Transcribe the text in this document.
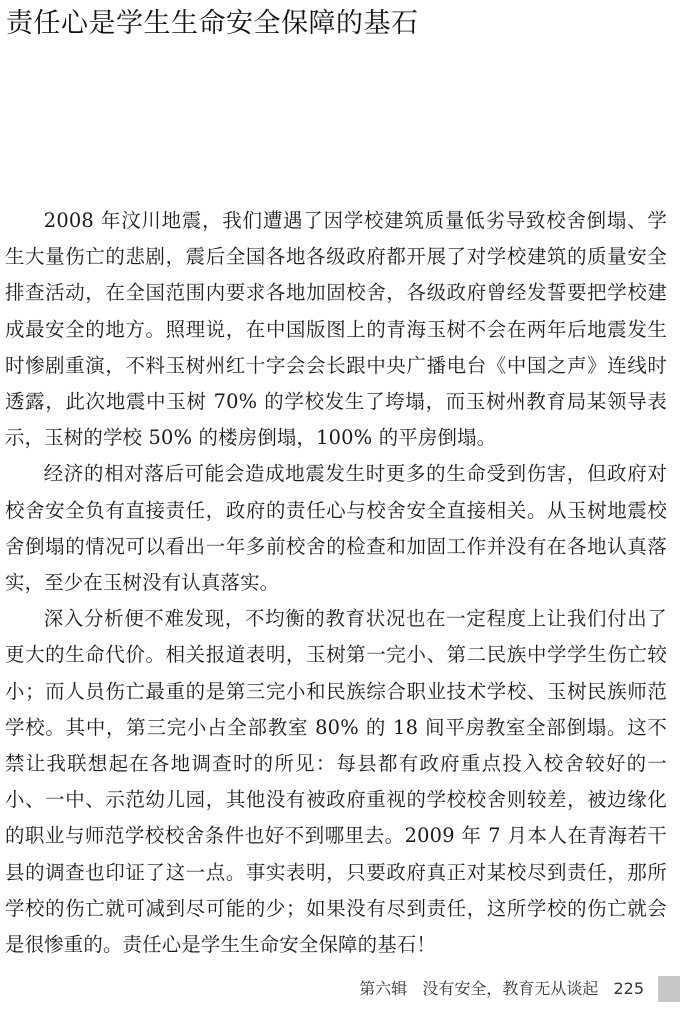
责任心是学生生命安全保障的基石

2008 年汶川地震，我们遭遇了因学校建筑质量低劣导致校舍倒塌、学生大量伤亡的悲剧，震后全国各地各级政府都开展了对学校建筑的质量安全排查活动，在全国范围内要求各地加固校舍，各级政府曾经发誓要把学校建成最安全的地方。照理说，在中国版图上的青海玉树不会在两年后地震发生时惨剧重演，不料玉树州红十字会会长跟中央广播电台《中国之声》连线时透露，此次地震中玉树 70% 的学校发生了垮塌，而玉树州教育局某领导表示，玉树的学校 50% 的楼房倒塌，100% 的平房倒塌。

经济的相对落后可能会造成地震发生时更多的生命受到伤害，但政府对校舍安全负有直接责任，政府的责任心与校舍安全直接相关。从玉树地震校舍倒塌的情况可以看出一年多前校舍的检查和加固工作并没有在各地认真落实，至少在玉树没有认真落实。

深入分析便不难发现，不均衡的教育状况也在一定程度上让我们付出了更大的生命代价。相关报道表明，玉树第一完小、第二民族中学学生伤亡较小；而人员伤亡最重的是第三完小和民族综合职业技术学校、玉树民族师范学校。其中，第三完小占全部教室 80% 的 18 间平房教室全部倒塌。这不禁让我联想起在各地调查时的所见：每县都有政府重点投入校舍较好的一小、一中、示范幼儿园，其他没有被政府重视的学校校舍则较差，被边缘化的职业与师范学校校舍条件也好不到哪里去。2009 年 7 月本人在青海若干县的调查也印证了这一点。事实表明，只要政府真正对某校尽到责任，那所学校的伤亡就可减到尽可能的少；如果没有尽到责任，这所学校的伤亡就会是很惨重的。责任心是学生生命安全保障的基石！

第六辑 没有安全，教育无从谈起 225
